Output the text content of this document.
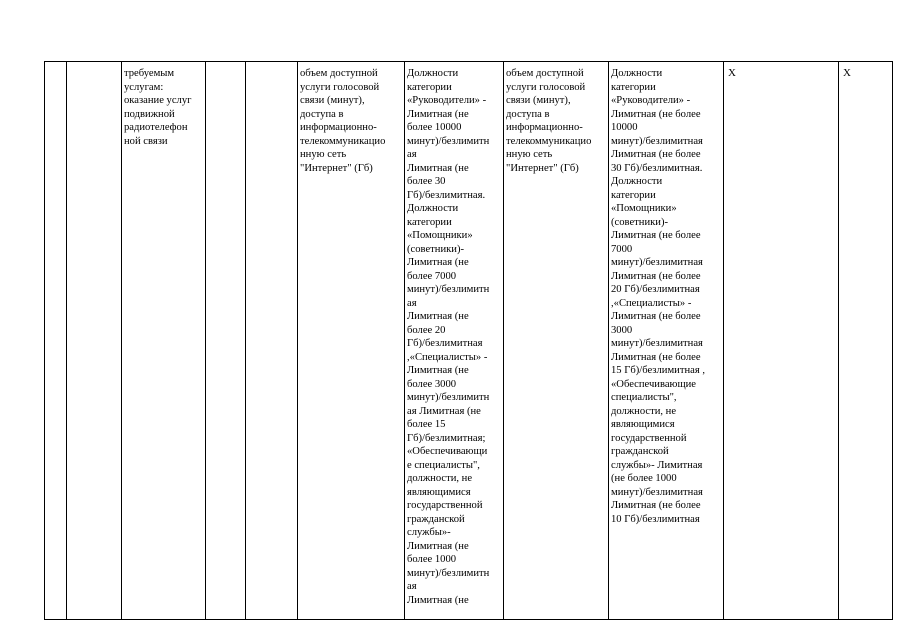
		требуемым
услугам:
оказание услуг
подвижной
радиотелефон
ной связи			объем доступной
услуги голосовой
связи (минут),
доступа в
информационно-
телекоммуникацио
нную сеть
"Интернет" (Гб)	Должности
категории
«Руководители» -
Лимитная (не
более 10000
минут)/безлимитн
ая
Лимитная (не
более 30
Гб)/безлимитная.
Должности
категории
«Помощники»
(советники)-
Лимитная (не
более 7000
минут)/безлимитн
ая
Лимитная (не
более 20
Гб)/безлимитная
,«Специалисты» -
Лимитная (не
более 3000
минут)/безлимитн
ая Лимитная (не
более 15
Гб)/безлимитная;
«Обеспечивающи
е специалисты",
должности, не
являющимися
государственной
гражданской
службы»-
Лимитная (не
более 1000
минут)/безлимитн
ая
Лимитная (не	объем доступной
услуги голосовой
связи (минут),
доступа в
информационно-
телекоммуникацио
нную сеть
"Интернет" (Гб)	Должности
категории
«Руководители» -
Лимитная (не более
10000
минут)/безлимитная
Лимитная (не более
30 Гб)/безлимитная.
Должности
категории
«Помощники»
(советники)-
Лимитная (не более
7000
минут)/безлимитная
Лимитная (не более
20 Гб)/безлимитная
,«Специалисты» -
Лимитная (не более
3000
минут)/безлимитная
Лимитная (не более
15 Гб)/безлимитная ,
«Обеспечивающие
специалисты",
должности, не
являющимися
государственной
гражданской
службы»- Лимитная
(не более 1000
минут)/безлимитная
Лимитная (не более
10 Гб)/безлимитная	X	X
